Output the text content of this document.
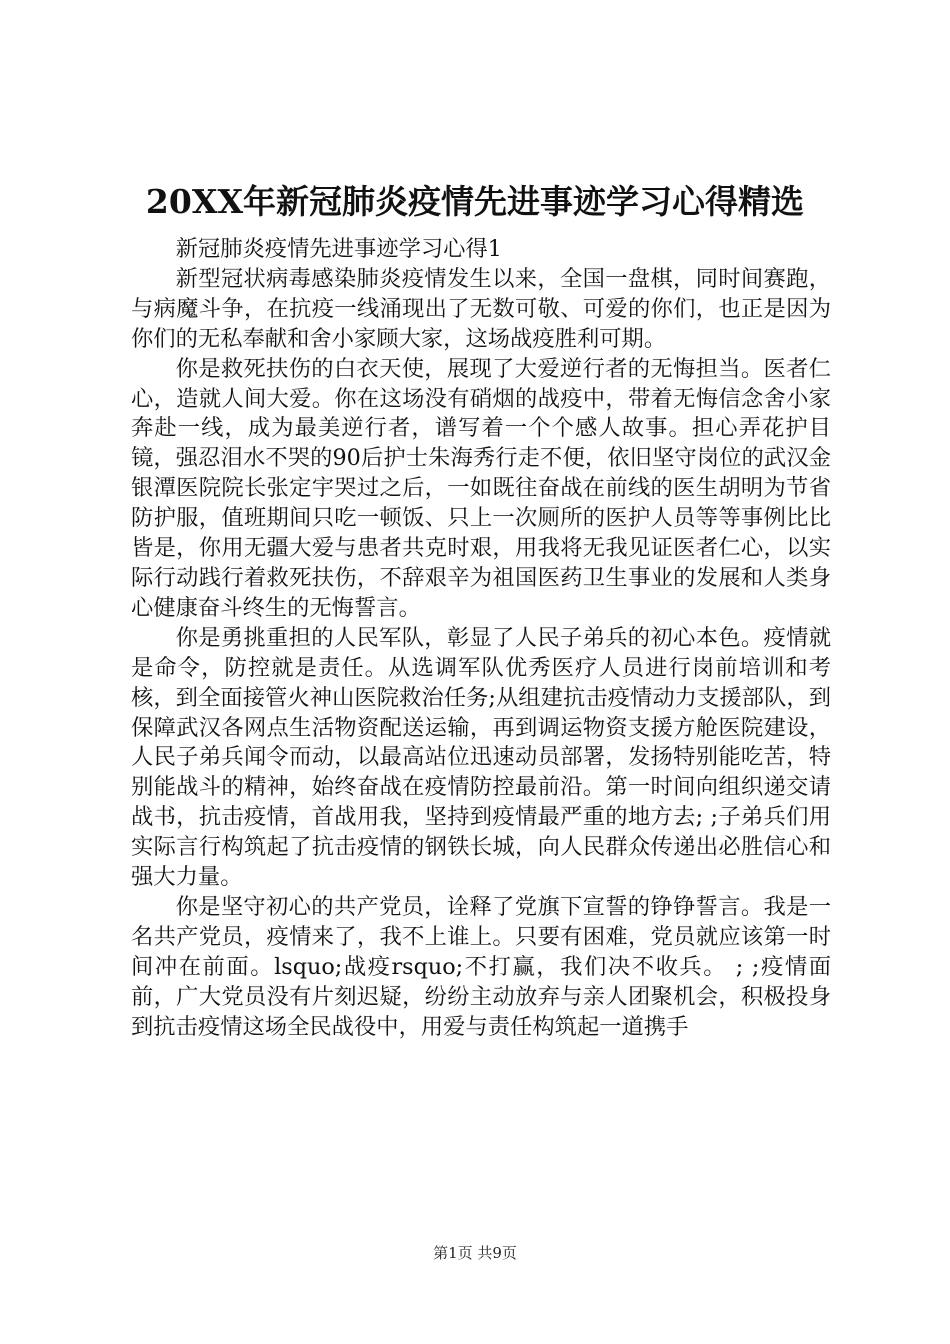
20XX年新冠肺炎疫情先进事迹学习心得精选

新冠肺炎疫情先进事迹学习心得1

新型冠状病毒感染肺炎疫情发生以来，全国一盘棋，同时间赛跑，与病魔斗争，在抗疫一线涌现出了无数可敬、可爱的你们，也正是因为你们的无私奉献和舍小家顾大家，这场战疫胜利可期。

你是救死扶伤的白衣天使，展现了大爱逆行者的无悔担当。医者仁心，造就人间大爱。你在这场没有硝烟的战疫中，带着无悔信念舍小家奔赴一线，成为最美逆行者，谱写着一个个感人故事。担心弄花护目镜，强忍泪水不哭的90后护士朱海秀行走不便，依旧坚守岗位的武汉金银潭医院院长张定宇哭过之后，一如既往奋战在前线的医生胡明为节省防护服，值班期间只吃一顿饭、只上一次厕所的医护人员等等事例比比皆是，你用无疆大爱与患者共克时艰，用我将无我见证医者仁心，以实际行动践行着救死扶伤，不辞艰辛为祖国医药卫生事业的发展和人类身心健康奋斗终生的无悔誓言。

你是勇挑重担的人民军队，彰显了人民子弟兵的初心本色。疫情就是命令，防控就是责任。从选调军队优秀医疗人员进行岗前培训和考核，到全面接管火神山医院救治任务;从组建抗击疫情动力支援部队，到保障武汉各网点生活物资配送运输，再到调运物资支援方舱医院建设，人民子弟兵闻令而动，以最高站位迅速动员部署，发扬特别能吃苦，特别能战斗的精神，始终奋战在疫情防控最前沿。第一时间向组织递交请战书，抗击疫情，首战用我，坚持到疫情最严重的地方去; ;子弟兵们用实际言行构筑起了抗击疫情的钢铁长城，向人民群众传递出必胜信心和强大力量。

你是坚守初心的共产党员，诠释了党旗下宣誓的铮铮誓言。我是一名共产党员，疫情来了，我不上谁上。只要有困难，党员就应该第一时间冲在前面。lsquo;战疫rsquo;不打赢，我们决不收兵。 ; ;疫情面前，广大党员没有片刻迟疑，纷纷主动放弃与亲人团聚机会，积极投身到抗击疫情这场全民战役中，用爱与责任构筑起一道携手

第1页 共9页
